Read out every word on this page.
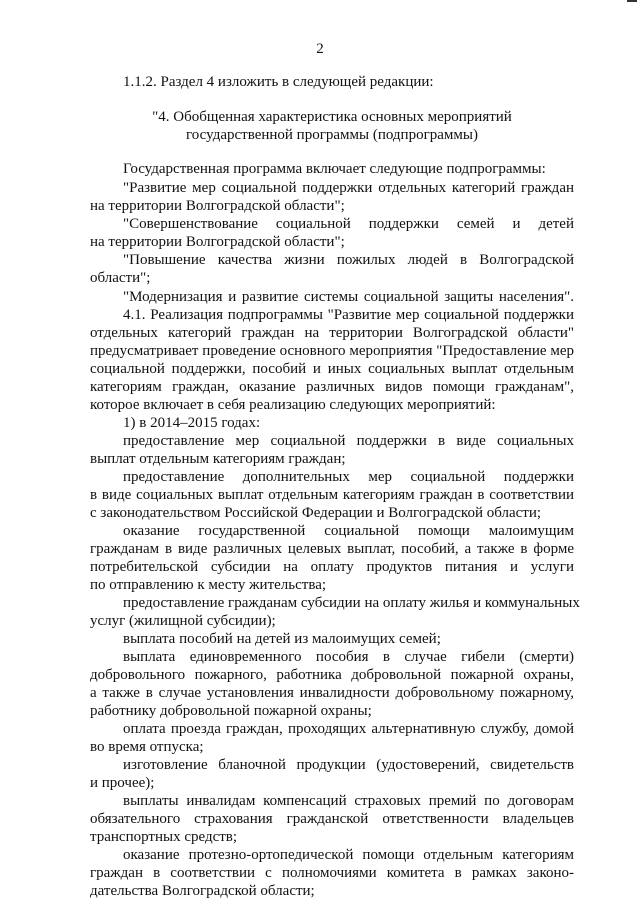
2
1.1.2. Раздел 4 изложить в следующей редакции:
"4. Обобщенная характеристика основных мероприятий
государственной программы (подпрограммы)
Государственная программа включает следующие подпрограммы:
"Развитие мер социальной поддержки отдельных категорий граждан
на территории Волгоградской области";
"Совершенствование социальной поддержки семей и детей
на территории Волгоградской области";
"Повышение качества жизни пожилых людей в Волгоградской
области";
"Модернизация и развитие системы социальной защиты населения".
4.1. Реализация подпрограммы "Развитие мер социальной поддержки
отдельных категорий граждан на территории Волгоградской области"
предусматривает проведение основного мероприятия "Предоставление мер
социальной поддержки, пособий и иных социальных выплат отдельным
категориям граждан, оказание различных видов помощи гражданам",
которое включает в себя реализацию следующих мероприятий:
1) в 2014–2015 годах:
предоставление мер социальной поддержки в виде социальных
выплат отдельным категориям граждан;
предоставление дополнительных мер социальной поддержки
в виде социальных выплат отдельным категориям граждан в соответствии
с законодательством Российской Федерации и Волгоградской области;
оказание государственной социальной помощи малоимущим
гражданам в виде различных целевых выплат, пособий, а также в форме
потребительской субсидии на оплату продуктов питания и услуги
по отправлению к месту жительства;
предоставление гражданам субсидии на оплату жилья и коммунальных
услуг (жилищной субсидии);
выплата пособий на детей из малоимущих семей;
выплата единовременного пособия в случае гибели (смерти)
добровольного пожарного, работника добровольной пожарной охраны,
а также в случае установления инвалидности добровольному пожарному,
работнику добровольной пожарной охраны;
оплата проезда граждан, проходящих альтернативную службу, домой
во время отпуска;
изготовление бланочной продукции (удостоверений, свидетельств
и прочее);
выплаты инвалидам компенсаций страховых премий по договорам
обязательного страхования гражданской ответственности владельцев
транспортных средств;
оказание протезно-ортопедической помощи отдельным категориям
граждан в соответствии с полномочиями комитета в рамках законо-
дательства Волгоградской области;
